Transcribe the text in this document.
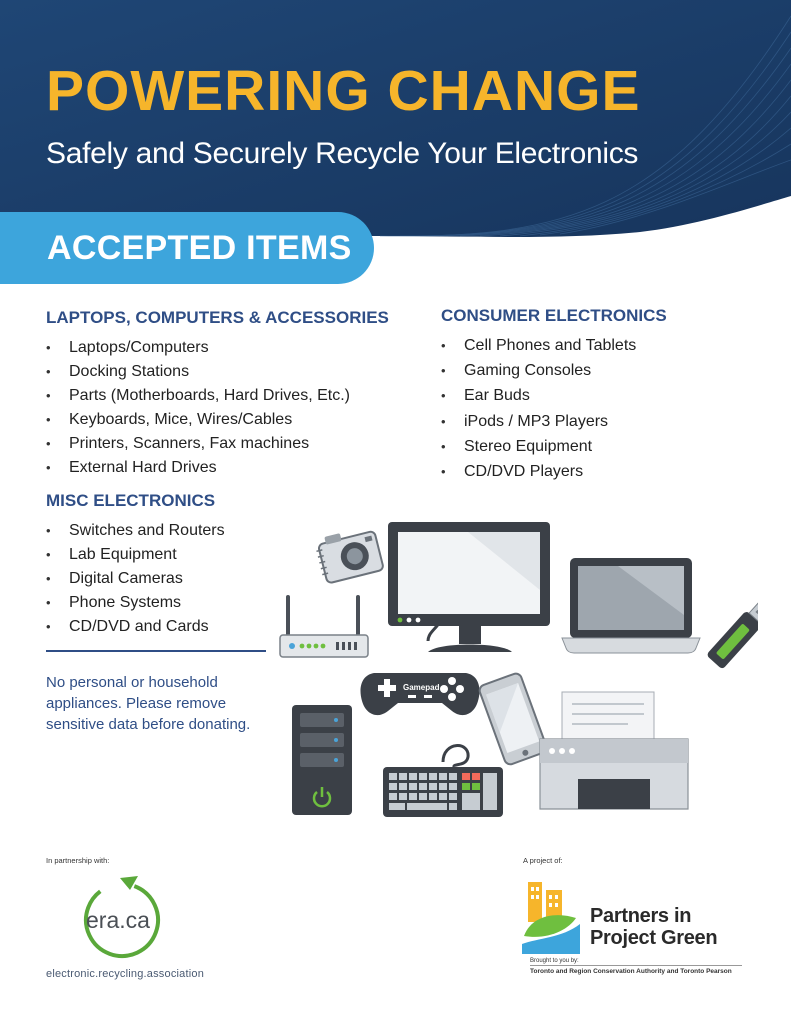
POWERING CHANGE

Safely and Securely Recycle Your Electronics

ACCEPTED ITEMS
LAPTOPS, COMPUTERS & ACCESSORIES
• Laptops/Computers
• Docking Stations
• Parts (Motherboards, Hard Drives, Etc.)
• Keyboards, Mice, Wires/Cables
• Printers, Scanners, Fax machines
• External Hard Drives
CONSUMER ELECTRONICS
• Cell Phones and Tablets
• Gaming Consoles
• Ear Buds
• iPods / MP3 Players
• Stereo Equipment
• CD/DVD Players
MISC ELECTRONICS
• Switches and Routers
• Lab Equipment
• Digital Cameras
• Phone Systems
• CD/DVD and Cards

No personal or household appliances. Please remove sensitive data before donating.

Gamepad
In partnership with:
era.ca
electronic.recycling.association
A project of:
Partners in
Project Green
Brought to you by:
Toronto and Region Conservation Authority and Toronto Pearson
